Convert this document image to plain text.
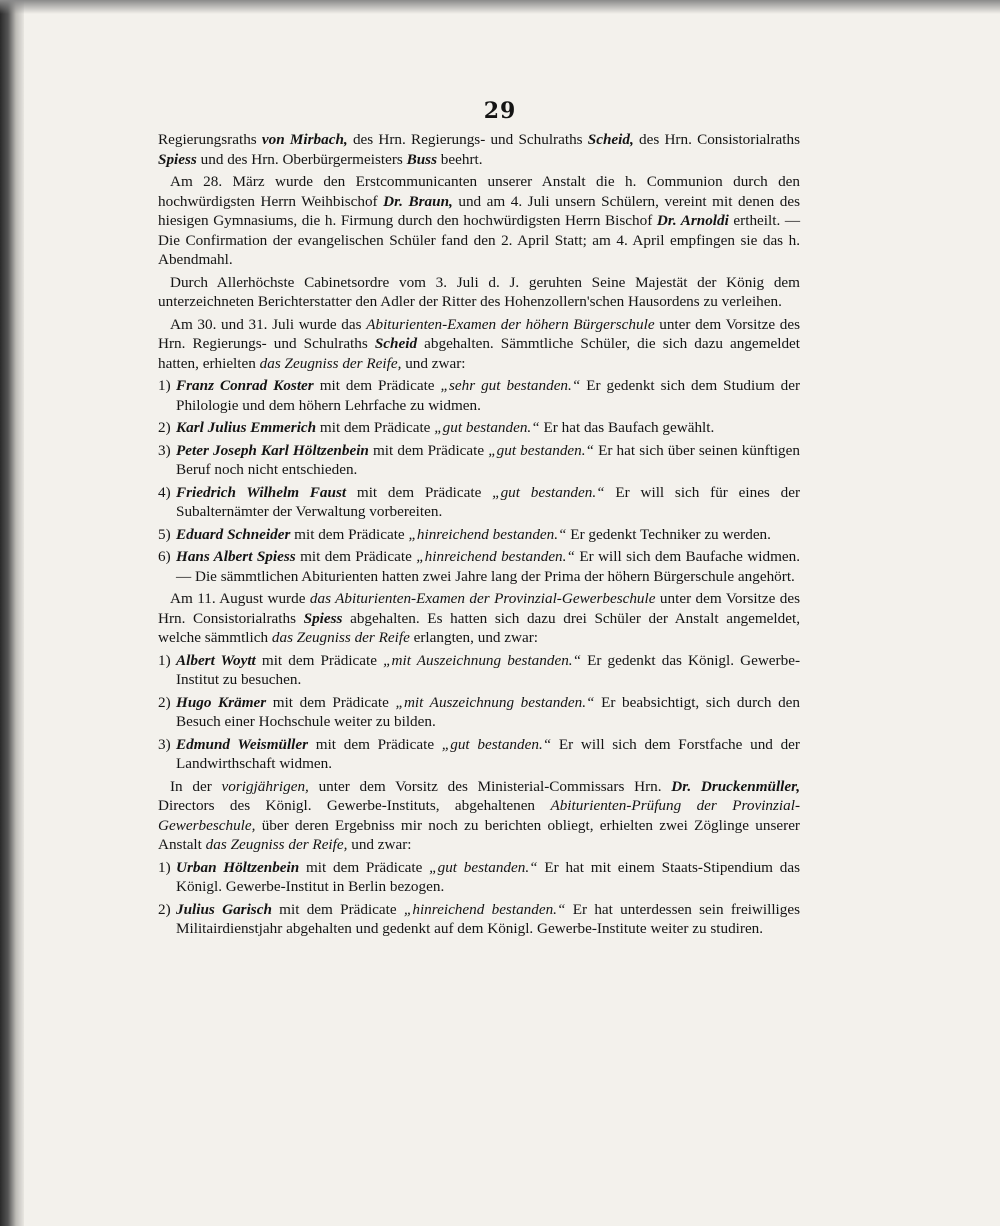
29

Regierungsraths von Mirbach, des Hrn. Regierungs- und Schulraths Scheid, des Hrn. Consistorialraths Spiess und des Hrn. Oberbürgermeisters Buss beehrt.

Am 28. März wurde den Erstcommunicanten unserer Anstalt die h. Communion durch den hochwürdigsten Herrn Weihbischof Dr. Braun, und am 4. Juli unsern Schülern, vereint mit denen des hiesigen Gymnasiums, die h. Firmung durch den hochwürdigsten Herrn Bischof Dr. Arnoldi ertheilt. — Die Confirmation der evangelischen Schüler fand den 2. April Statt; am 4. April empfingen sie das h. Abendmahl.

Durch Allerhöchste Cabinetsordre vom 3. Juli d. J. geruhten Seine Majestät der König dem unterzeichneten Berichterstatter den Adler der Ritter des Hohenzollern'schen Hausordens zu verleihen.

Am 30. und 31. Juli wurde das Abiturienten-Examen der höhern Bürgerschule unter dem Vorsitze des Hrn. Regierungs- und Schulraths Scheid abgehalten. Sämmtliche Schüler, die sich dazu angemeldet hatten, erhielten das Zeugniss der Reife, und zwar:

1) Franz Conrad Koster mit dem Prädicate „sehr gut bestanden.“ Er gedenkt sich dem Studium der Philologie und dem höhern Lehrfache zu widmen.
2) Karl Julius Emmerich mit dem Prädicate „gut bestanden.“ Er hat das Baufach gewählt.
3) Peter Joseph Karl Höltzenbein mit dem Prädicate „gut bestanden.“ Er hat sich über seinen künftigen Beruf noch nicht entschieden.
4) Friedrich Wilhelm Faust mit dem Prädicate „gut bestanden.“ Er will sich für eines der Subalternämter der Verwaltung vorbereiten.
5) Eduard Schneider mit dem Prädicate „hinreichend bestanden.“ Er gedenkt Techniker zu werden.
6) Hans Albert Spiess mit dem Prädicate „hinreichend bestanden.“ Er will sich dem Baufache widmen. — Die sämmtlichen Abiturienten hatten zwei Jahre lang der Prima der höhern Bürgerschule angehört.

Am 11. August wurde das Abiturienten-Examen der Provinzial-Gewerbeschule unter dem Vorsitze des Hrn. Consistorialraths Spiess abgehalten. Es hatten sich dazu drei Schüler der Anstalt angemeldet, welche sämmtlich das Zeugniss der Reife erlangten, und zwar:

1) Albert Woytt mit dem Prädicate „mit Auszeichnung bestanden.“ Er gedenkt das Königl. Gewerbe-Institut zu besuchen.
2) Hugo Krämer mit dem Prädicate „mit Auszeichnung bestanden.“ Er beabsichtigt, sich durch den Besuch einer Hochschule weiter zu bilden.
3) Edmund Weismüller mit dem Prädicate „gut bestanden.“ Er will sich dem Forstfache und der Landwirthschaft widmen.

In der vorigjährigen, unter dem Vorsitz des Ministerial-Commissars Hrn. Dr. Druckenmüller, Directors des Königl. Gewerbe-Instituts, abgehaltenen Abiturienten-Prüfung der Provinzial-Gewerbeschule, über deren Ergebniss mir noch zu berichten obliegt, erhielten zwei Zöglinge unserer Anstalt das Zeugniss der Reife, und zwar:

1) Urban Höltzenbein mit dem Prädicate „gut bestanden.“ Er hat mit einem Staats-Stipendium das Königl. Gewerbe-Institut in Berlin bezogen.
2) Julius Garisch mit dem Prädicate „hinreichend bestanden.“ Er hat unterdessen sein freiwilliges Militairdienstjahr abgehalten und gedenkt auf dem Königl. Gewerbe-Institute weiter zu studiren.
